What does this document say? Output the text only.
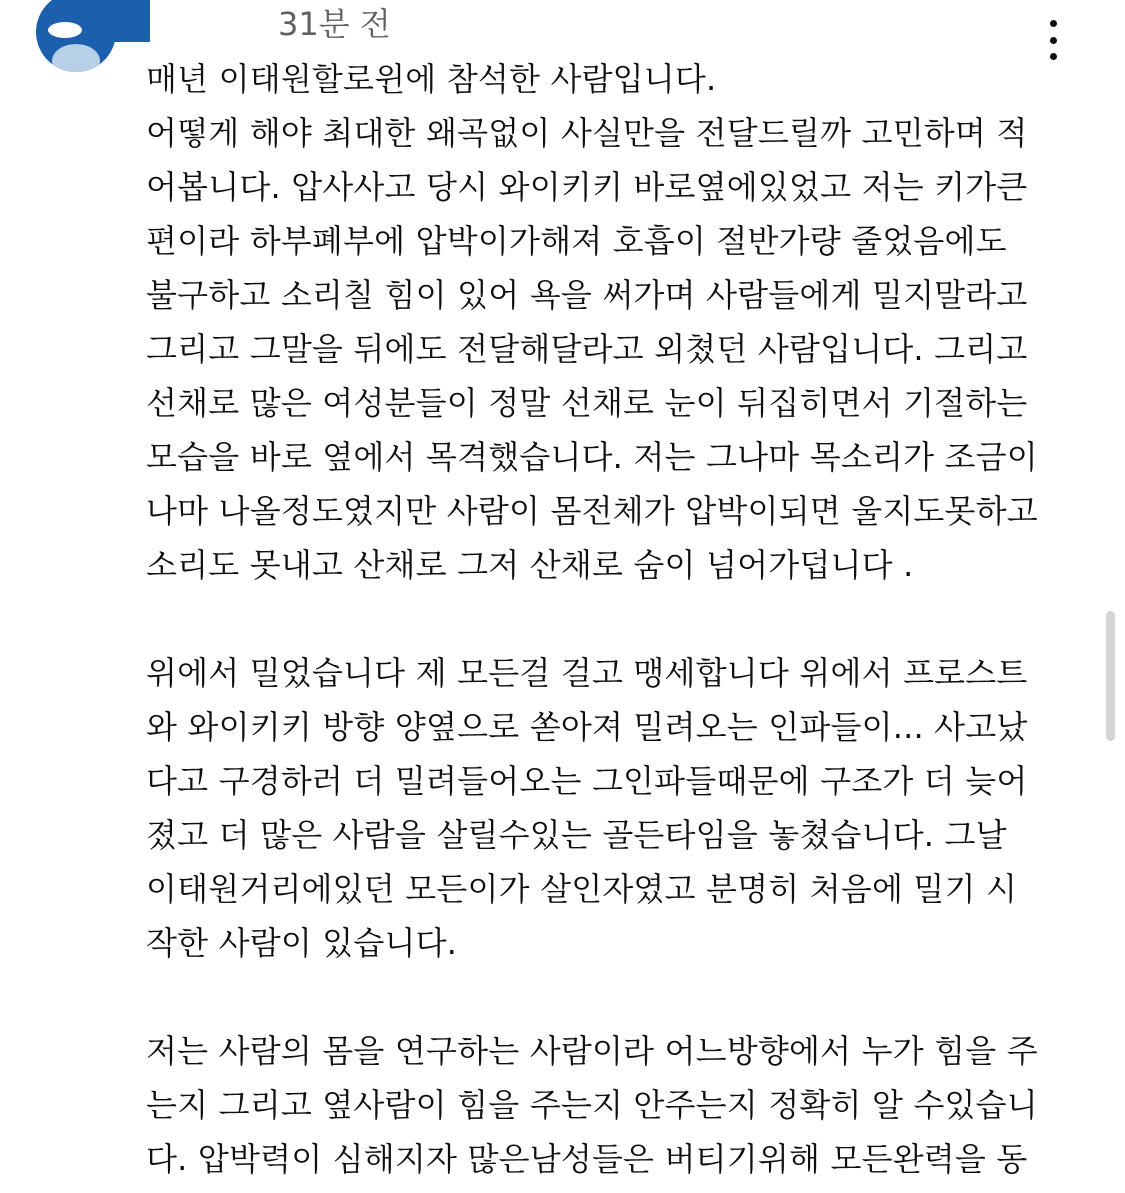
31분 전
매년 이태원할로윈에 참석한 사람입니다.
어떻게 해야 최대한 왜곡없이 사실만을 전달드릴까 고민하며 적
어봅니다. 압사사고 당시 와이키키 바로옆에있었고 저는 키가큰
편이라 하부폐부에 압박이가해져 호흡이 절반가량 줄었음에도
불구하고 소리칠 힘이 있어 욕을 써가며 사람들에게 밀지말라고
그리고 그말을 뒤에도 전달해달라고 외쳤던 사람입니다. 그리고
선채로 많은 여성분들이 정말 선채로 눈이 뒤집히면서 기절하는
모습을 바로 옆에서 목격했습니다. 저는 그나마 목소리가 조금이
나마 나올정도였지만 사람이 몸전체가 압박이되면 울지도못하고
소리도 못내고 산채로 그저 산채로 숨이 넘어가덥니다 .
위에서 밀었습니다 제 모든걸 걸고 맹세합니다 위에서 프로스트
와 와이키키 방향 양옆으로 쏟아져 밀려오는 인파들이... 사고났
다고 구경하러 더 밀려들어오는 그인파들때문에 구조가 더 늦어
졌고 더 많은 사람을 살릴수있는 골든타임을 놓쳤습니다. 그날
이태원거리에있던 모든이가 살인자였고 분명히 처음에 밀기 시
작한 사람이 있습니다.
저는 사람의 몸을 연구하는 사람이라 어느방향에서 누가 힘을 주
는지 그리고 옆사람이 힘을 주는지 안주는지 정확히 알 수있습니
다. 압박력이 심해지자 많은남성들은 버티기위해 모든완력을 동
